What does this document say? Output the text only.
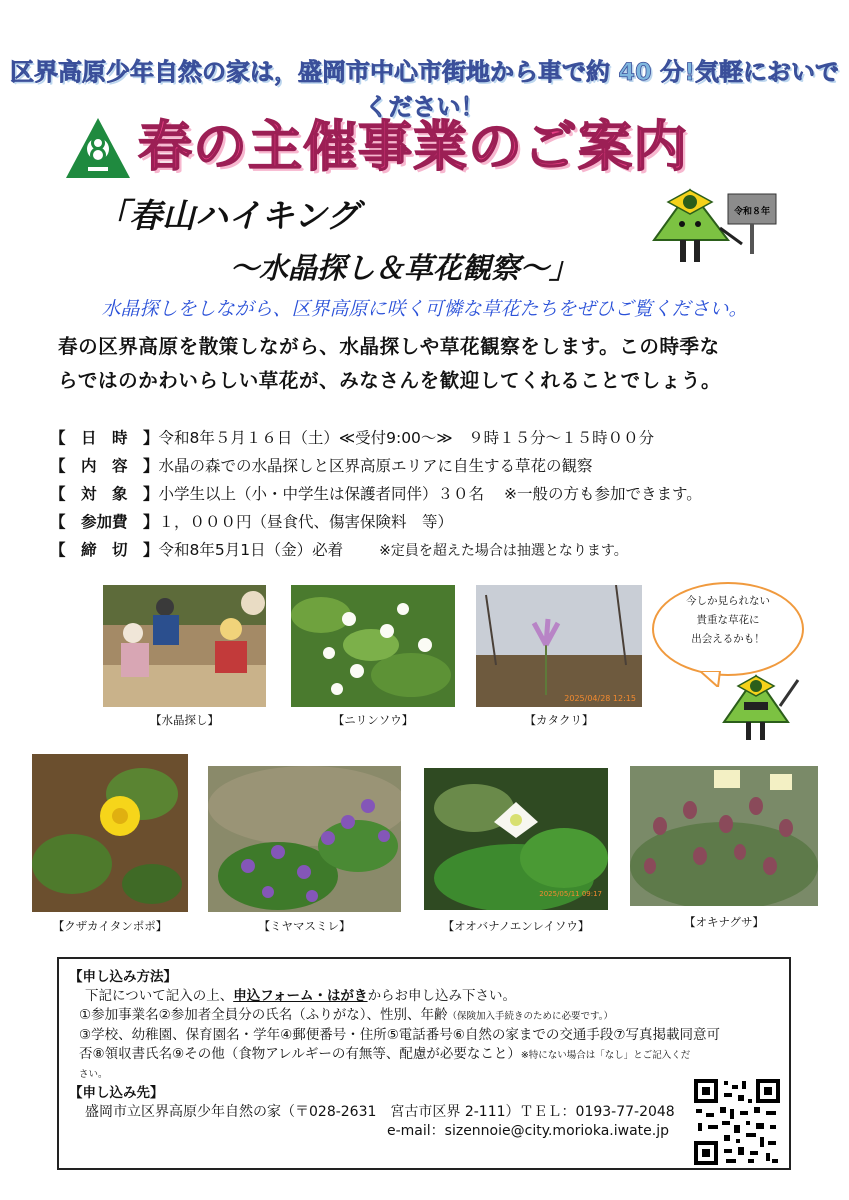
区界高原少年自然の家は，盛岡市中心市街地から車で約 40 分!気軽においでください！
春の主催事業のご案内
「春山ハイキング
～水晶探し＆草花観察～」
令和８年
水晶探しをしながら、区界高原に咲く可憐な草花たちをぜひご覧ください。

春の区界高原を散策しながら、水晶探しや草花観察をします。この時季な

らではのかわいらしい草花が、みなさんを歓迎してくれることでしょう。

【　日　時　】令和8年５月１６日（土）≪受付9:00～≫　９時１５分～１５時００分
【　内　容　】水晶の森での水晶探しと区界高原エリアに自生する草花の観察
【　対　象　】小学生以上（小・中学生は保護者同伴）３０名 ※一般の方も参加できます。
【　参加費　】１，０００円（昼食代、傷害保険料　等）
【　締　切　】令和8年5月1日（金）必着	※定員を超えた場合は抽選となります。
【水晶探し】	【ニリンソウ】
2025/04/28 12:15
【カタクリ】
今しか見られない
貴重な草花に
出会えるかも！
【クザカイタンポポ】	【ミヤマスミレ】
2025/05/11 09:17
【オオバナノエンレイソウ】	【オキナグサ】
【申し込み方法】
下記について記入の上、申込フォーム・はがきからお申し込み下さい。
①参加事業名②参加者全員分の氏名（ふりがな）、性別、年齢（保険加入手続きのために必要です。）
③学校、幼稚園、保育園名・学年④郵便番号・住所⑤電話番号⑥自然の家までの交通手段⑦写真掲載同意可
否⑧領収書氏名⑨その他（食物アレルギーの有無等、配慮が必要なこと）※特にない場合は「なし」とご記入くだ
さい。
【申し込み先】
盛岡市立区界高原少年自然の家（〒028-2631　宮古市区界 2-111）ＴＥＬ：0193-77-2048
e-mail：sizennoie@city.morioka.iwate.jp
